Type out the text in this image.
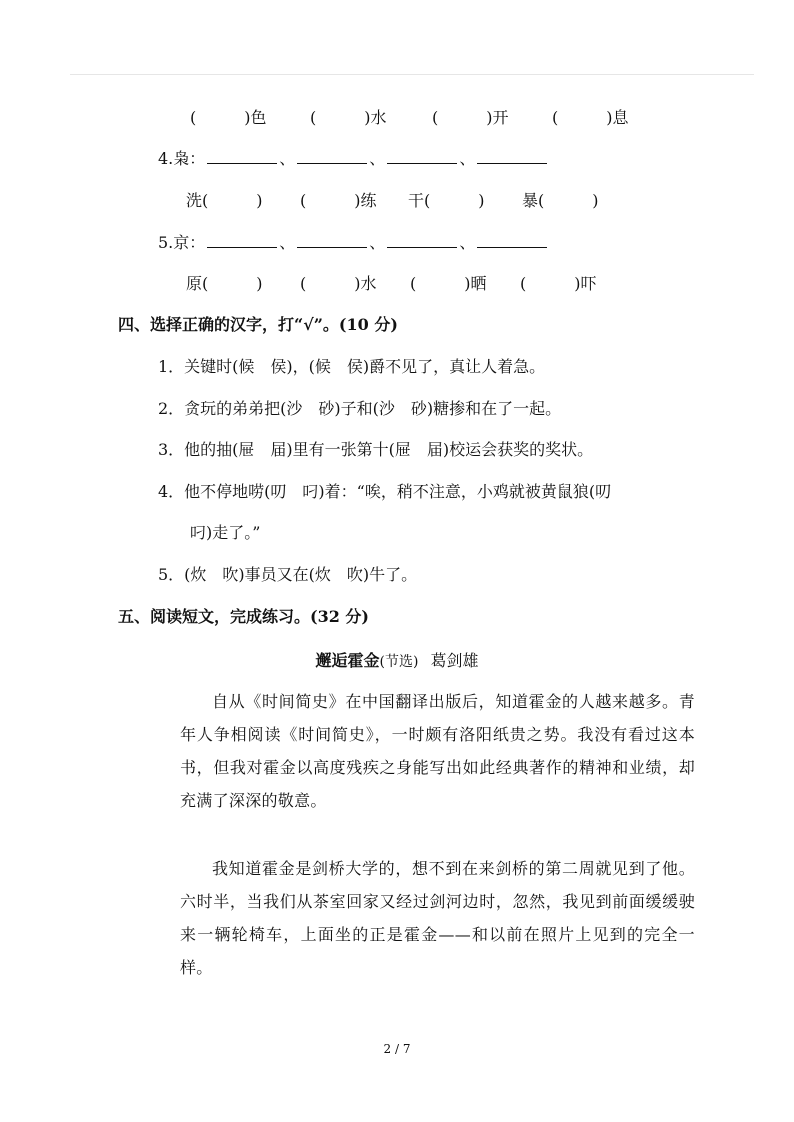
(　　　)色	(　　　)水	(　　　)开	(　　　)息
4.枭：	、	、	、
洗(　　　) (　　　)练 干(　　　) 暴(　　　)
5.京：	、	、	、
原(　　　) (　　　)水 (　　　)晒 (　　　)吓
四、选择正确的汉字，打“√”。(10 分)
1．关键时(候　侯)，(候　侯)爵不见了，真让人着急。
2．贪玩的弟弟把(沙　砂)子和(沙　砂)糖掺和在了一起。
3．他的抽(屉　届)里有一张第十(屉　届)校运会获奖的奖状。
4．他不停地唠(叨　叼)着：“唉，稍不注意，小鸡就被黄鼠狼(叨
叼)走了。”
5．(炊　吹)事员又在(炊　吹)牛了。
五、阅读短文，完成练习。(32 分)
邂逅霍金(节选) 葛剑雄
自从《时间简史》在中国翻译出版后，知道霍金的人越来越多。青年人争相阅读《时间简史》，一时颇有洛阳纸贵之势。我没有看过这本书，但我对霍金以高度残疾之身能写出如此经典著作的精神和业绩，却充满了深深的敬意。
我知道霍金是剑桥大学的，想不到在来剑桥的第二周就见到了他。六时半，当我们从茶室回家又经过剑河边时，忽然，我见到前面缓缓驶来一辆轮椅车，上面坐的正是霍金——和以前在照片上见到的完全一样。
2 / 7
